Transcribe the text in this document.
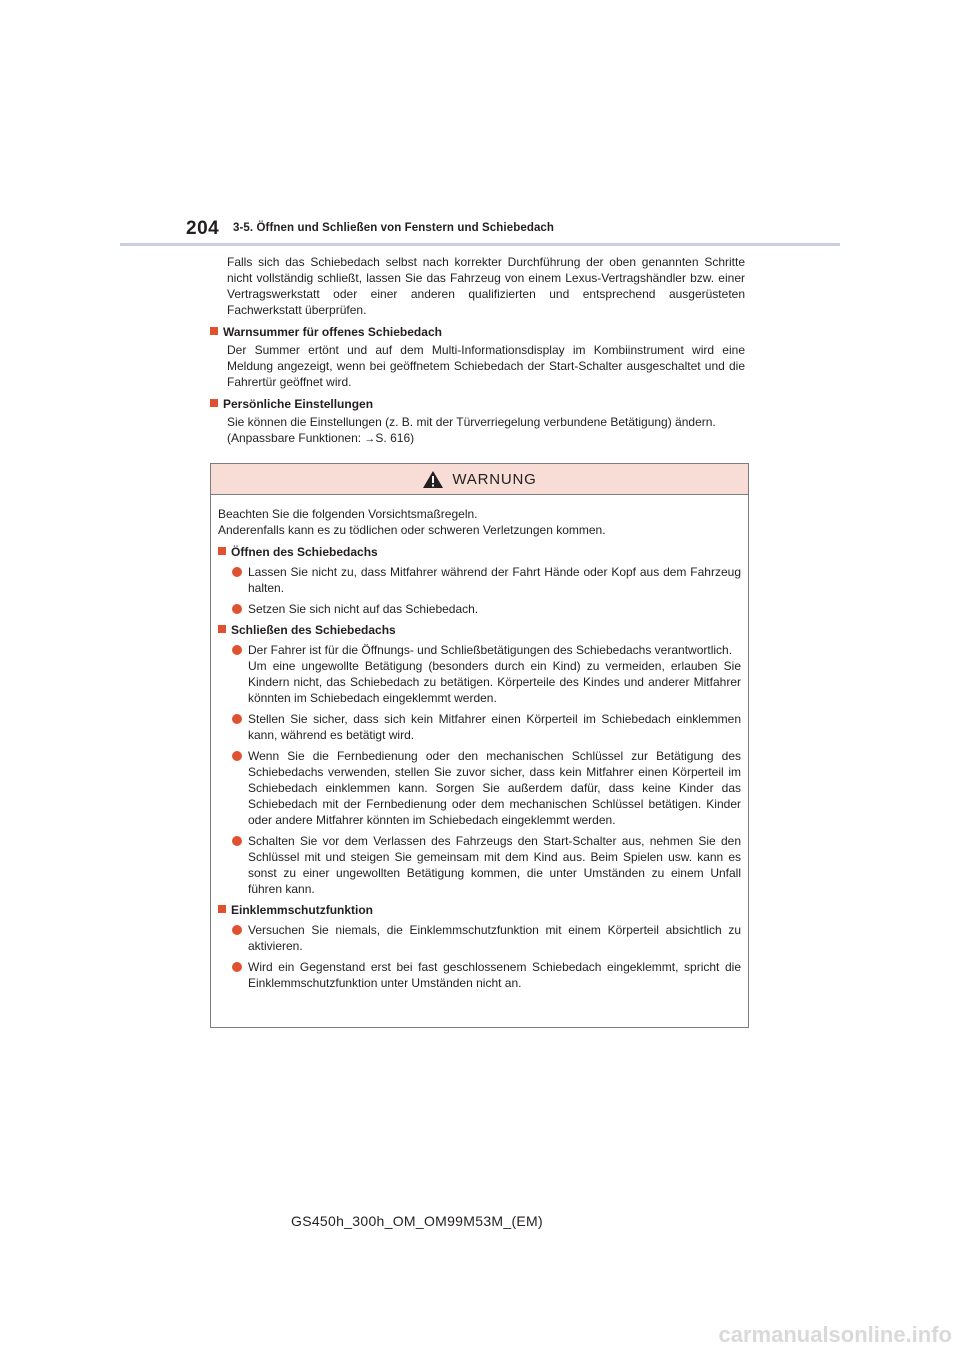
204 3-5. Öffnen und Schließen von Fenstern und Schiebedach

Falls sich das Schiebedach selbst nach korrekter Durchführung der oben genannten Schritte nicht vollständig schließt, lassen Sie das Fahrzeug von einem Lexus-Vertragshändler bzw. einer Vertragswerkstatt oder einer anderen qualifizierten und entsprechend ausgerüsteten Fachwerkstatt überprüfen.

Warnsummer für offenes Schiebedach

Der Summer ertönt und auf dem Multi-Informationsdisplay im Kombiinstrument wird eine Meldung angezeigt, wenn bei geöffnetem Schiebedach der Start-Schalter ausgeschaltet und die Fahrertür geöffnet wird.

Persönliche Einstellungen

Sie können die Einstellungen (z. B. mit der Türverriegelung verbundene Betätigung) ändern.
(Anpassbare Funktionen: →S. 616)

WARNUNG

Beachten Sie die folgenden Vorsichtsmaßregeln.
Anderenfalls kann es zu tödlichen oder schweren Verletzungen kommen.

Öffnen des Schiebedachs
Lassen Sie nicht zu, dass Mitfahrer während der Fahrt Hände oder Kopf aus dem Fahrzeug halten.
Setzen Sie sich nicht auf das Schiebedach.
Schließen des Schiebedachs
Der Fahrer ist für die Öffnungs- und Schließbetätigungen des Schiebedachs verantwortlich.
Um eine ungewollte Betätigung (besonders durch ein Kind) zu vermeiden, erlauben Sie Kindern nicht, das Schiebedach zu betätigen. Körperteile des Kindes und anderer Mitfahrer könnten im Schiebedach eingeklemmt werden.
Stellen Sie sicher, dass sich kein Mitfahrer einen Körperteil im Schiebedach einklemmen kann, während es betätigt wird.
Wenn Sie die Fernbedienung oder den mechanischen Schlüssel zur Betätigung des Schiebedachs verwenden, stellen Sie zuvor sicher, dass kein Mitfahrer einen Körperteil im Schiebedach einklemmen kann. Sorgen Sie außerdem dafür, dass keine Kinder das Schiebedach mit der Fernbedienung oder dem mechanischen Schlüssel betätigen. Kinder oder andere Mitfahrer könnten im Schiebedach eingeklemmt werden.
Schalten Sie vor dem Verlassen des Fahrzeugs den Start-Schalter aus, nehmen Sie den Schlüssel mit und steigen Sie gemeinsam mit dem Kind aus. Beim Spielen usw. kann es sonst zu einer ungewollten Betätigung kommen, die unter Umständen zu einem Unfall führen kann.
Einklemmschutzfunktion
Versuchen Sie niemals, die Einklemmschutzfunktion mit einem Körperteil absichtlich zu aktivieren.
Wird ein Gegenstand erst bei fast geschlossenem Schiebedach eingeklemmt, spricht die Einklemmschutzfunktion unter Umständen nicht an.
GS450h_300h_OM_OM99M53M_(EM)
carmanualsonline.info
